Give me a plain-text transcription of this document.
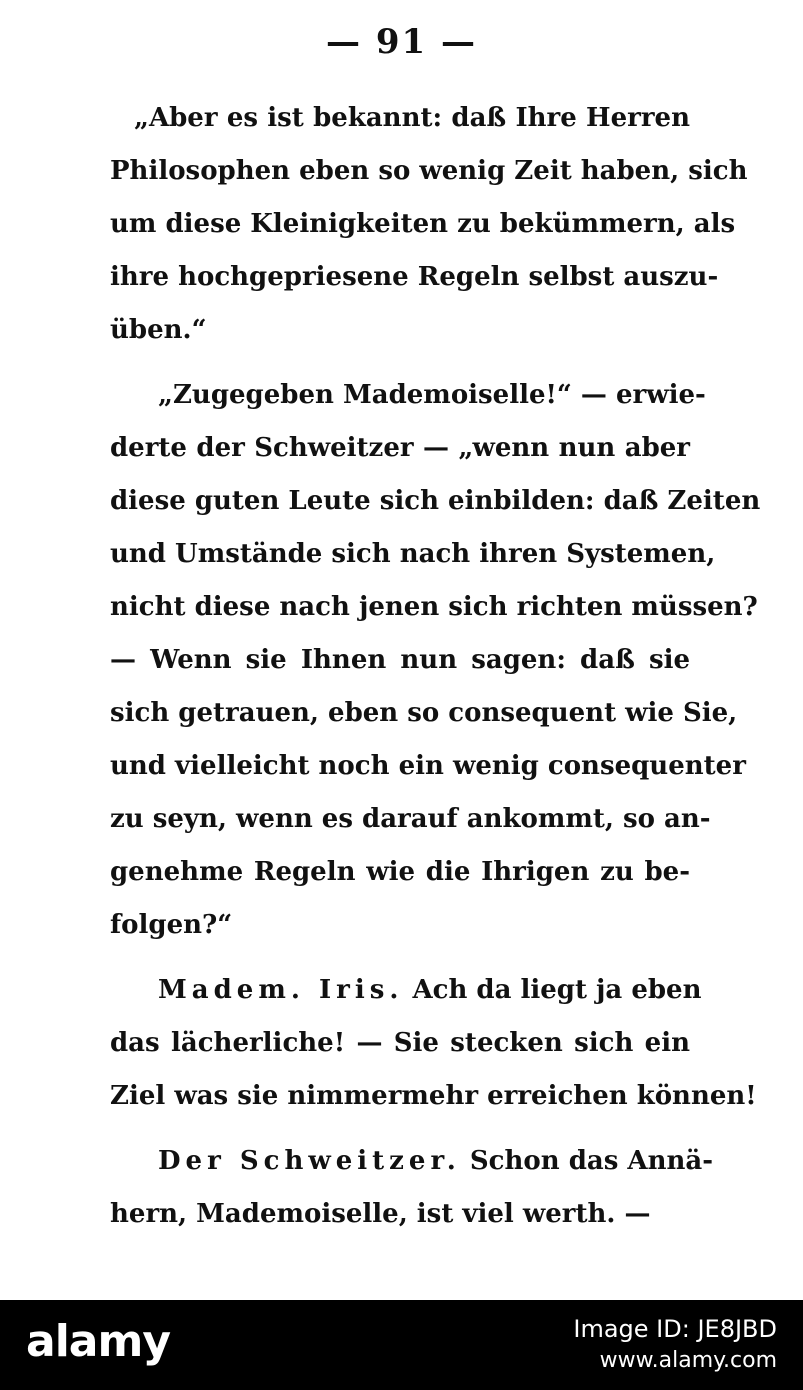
— 91 —
„Aber es ist bekannt: daß Ihre Herren
Philosophen eben so wenig Zeit haben, sich
um diese Kleinigkeiten zu bekümmern, als
ihre hochgepriesene Regeln selbst auszu-
üben.“
„Zugegeben Mademoiselle!“ — erwie-
derte der Schweitzer — „wenn nun aber
diese guten Leute sich einbilden: daß Zeiten
und Umstände sich nach ihren Systemen,
nicht diese nach jenen sich richten müssen?
— Wenn sie Ihnen nun sagen: daß sie
sich getrauen, eben so consequent wie Sie,
und vielleicht noch ein wenig consequenter
zu seyn, wenn es darauf ankommt, so an-
genehme Regeln wie die Ihrigen zu be-
folgen?“
Madem. Iris. Ach da liegt ja eben
das lächerliche! — Sie stecken sich ein
Ziel was sie nimmermehr erreichen können!
Der Schweitzer. Schon das Annä-
hern, Mademoiselle, ist viel werth. —
alamy	Image ID: JE8JBD
www.alamy.com
